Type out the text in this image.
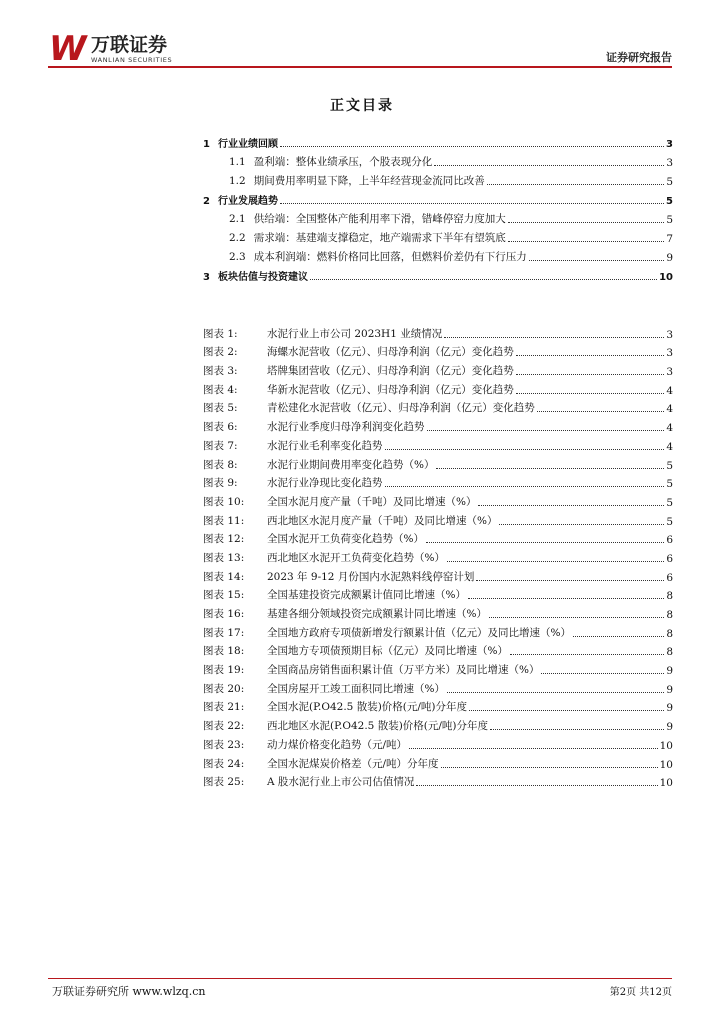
W 万联证券
WANLIAN SECURITIES	证券研究报告
正文目录
1 行业业绩回顾	3
1.1 盈利端：整体业绩承压，个股表现分化	3
1.2 期间费用率明显下降，上半年经营现金流同比改善	5
2 行业发展趋势	5
2.1 供给端：全国整体产能利用率下滑，错峰停窑力度加大	5
2.2 需求端：基建端支撑稳定，地产端需求下半年有望筑底	7
2.3 成本利润端：燃料价格同比回落，但燃料价差仍有下行压力	9
3 板块估值与投资建议	10
图表 1:	水泥行业上市公司 2023H1 业绩情况	3
图表 2:	海螺水泥营收（亿元）、归母净利润（亿元）变化趋势	3
图表 3:	塔牌集团营收（亿元）、归母净利润（亿元）变化趋势	3
图表 4:	华新水泥营收（亿元）、归母净利润（亿元）变化趋势	4
图表 5:	青松建化水泥营收（亿元）、归母净利润（亿元）变化趋势	4
图表 6:	水泥行业季度归母净利润变化趋势	4
图表 7:	水泥行业毛利率变化趋势	4
图表 8:	水泥行业期间费用率变化趋势（%）	5
图表 9:	水泥行业净现比变化趋势	5
图表 10:	全国水泥月度产量（千吨）及同比增速（%）	5
图表 11:	西北地区水泥月度产量（千吨）及同比增速（%）	5
图表 12:	全国水泥开工负荷变化趋势（%）	6
图表 13:	西北地区水泥开工负荷变化趋势（%）	6
图表 14:	2023 年 9-12 月份国内水泥熟料线停窑计划	6
图表 15:	全国基建投资完成额累计值同比增速（%）	8
图表 16:	基建各细分领域投资完成额累计同比增速（%）	8
图表 17:	全国地方政府专项债新增发行额累计值（亿元）及同比增速（%）	8
图表 18:	全国地方专项债预期目标（亿元）及同比增速（%）	8
图表 19:	全国商品房销售面积累计值（万平方米）及同比增速（%）	9
图表 20:	全国房屋开工竣工面积同比增速（%）	9
图表 21:	全国水泥(P.O42.5 散装)价格(元/吨)分年度	9
图表 22:	西北地区水泥(P.O42.5 散装)价格(元/吨)分年度	9
图表 23:	动力煤价格变化趋势（元/吨）	10
图表 24:	全国水泥煤炭价格差（元/吨）分年度	10
图表 25:	A 股水泥行业上市公司估值情况	10
万联证券研究所 www.wlzq.cn	第2页 共12页
